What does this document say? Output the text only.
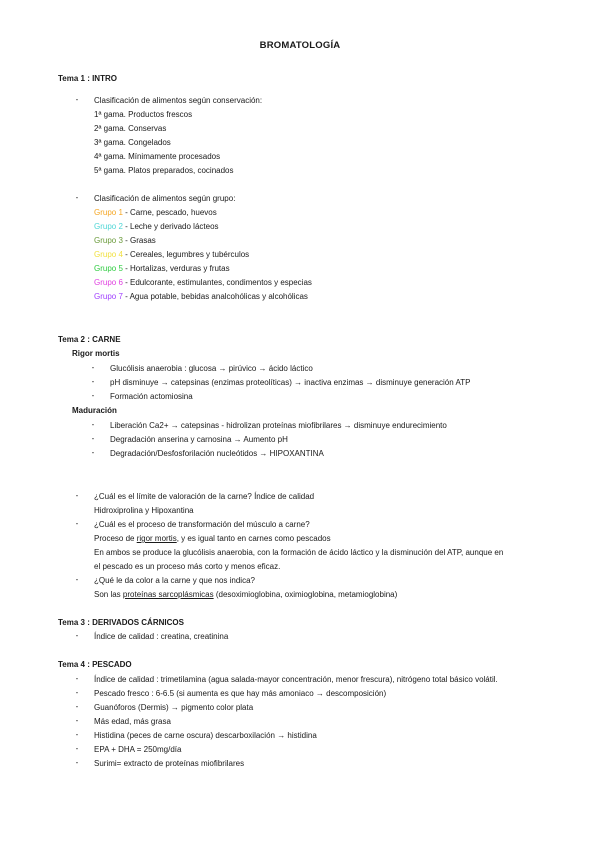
BROMATOLOGÍA
Tema 1 : INTRO
- Clasificación de alimentos según conservación:
1ª gama. Productos frescos
2ª gama. Conservas
3ª gama. Congelados
4ª gama. Mínimamente procesados
5ª gama. Platos preparados, cocinados
- Clasificación de alimentos según grupo:
Grupo 1 - Carne, pescado, huevos
Grupo 2 - Leche y derivado lácteos
Grupo 3 - Grasas
Grupo 4 - Cereales, legumbres y tubérculos
Grupo 5 - Hortalizas, verduras y frutas
Grupo 6 - Edulcorante, estimulantes, condimentos y especias
Grupo 7 - Agua potable, bebidas analcohólicas y alcohólicas
Tema 2 : CARNE
Rigor mortis
- Glucólisis anaerobia : glucosa → pirúvico → ácido láctico
- pH disminuye → catepsinas (enzimas proteolíticas) → inactiva enzimas → disminuye generación ATP
- Formación actomiosina
Maduración
- Liberación Ca2+ → catepsinas - hidrolizan proteínas miofibrilares → disminuye endurecimiento
- Degradación anserina y carnosina → Aumento pH
- Degradación/Desfosforilación nucleótidos → HIPOXANTINA
- ¿Cuál es el límite de valoración de la carne? Índice de calidad
Hidroxiprolina y Hipoxantina
- ¿Cuál es el proceso de transformación del músculo a carne?
Proceso de rigor mortis, y es igual tanto en carnes como pescados
En ambos se produce la glucólisis anaerobia, con la formación de ácido láctico y la disminución del ATP, aunque en
el pescado es un proceso más corto y menos eficaz.
- ¿Qué le da color a la carne y que nos indica?
Son las proteínas sarcoplásmicas (desoximioglobina, oximioglobina, metamioglobina)
Tema 3 : DERIVADOS CÁRNICOS
- Índice de calidad : creatina, creatinina
Tema 4 : PESCADO
- Índice de calidad : trimetilamina (agua salada-mayor concentración, menor frescura), nitrógeno total básico volátil.
- Pescado fresco : 6-6.5 (si aumenta es que hay más amoniaco → descomposición)
- Guanóforos (Dermis) → pigmento color plata
- Más edad, más grasa
- Histidina (peces de carne oscura) descarboxilación → histidina
- EPA + DHA = 250mg/día
- Surimi= extracto de proteínas miofibrilares
